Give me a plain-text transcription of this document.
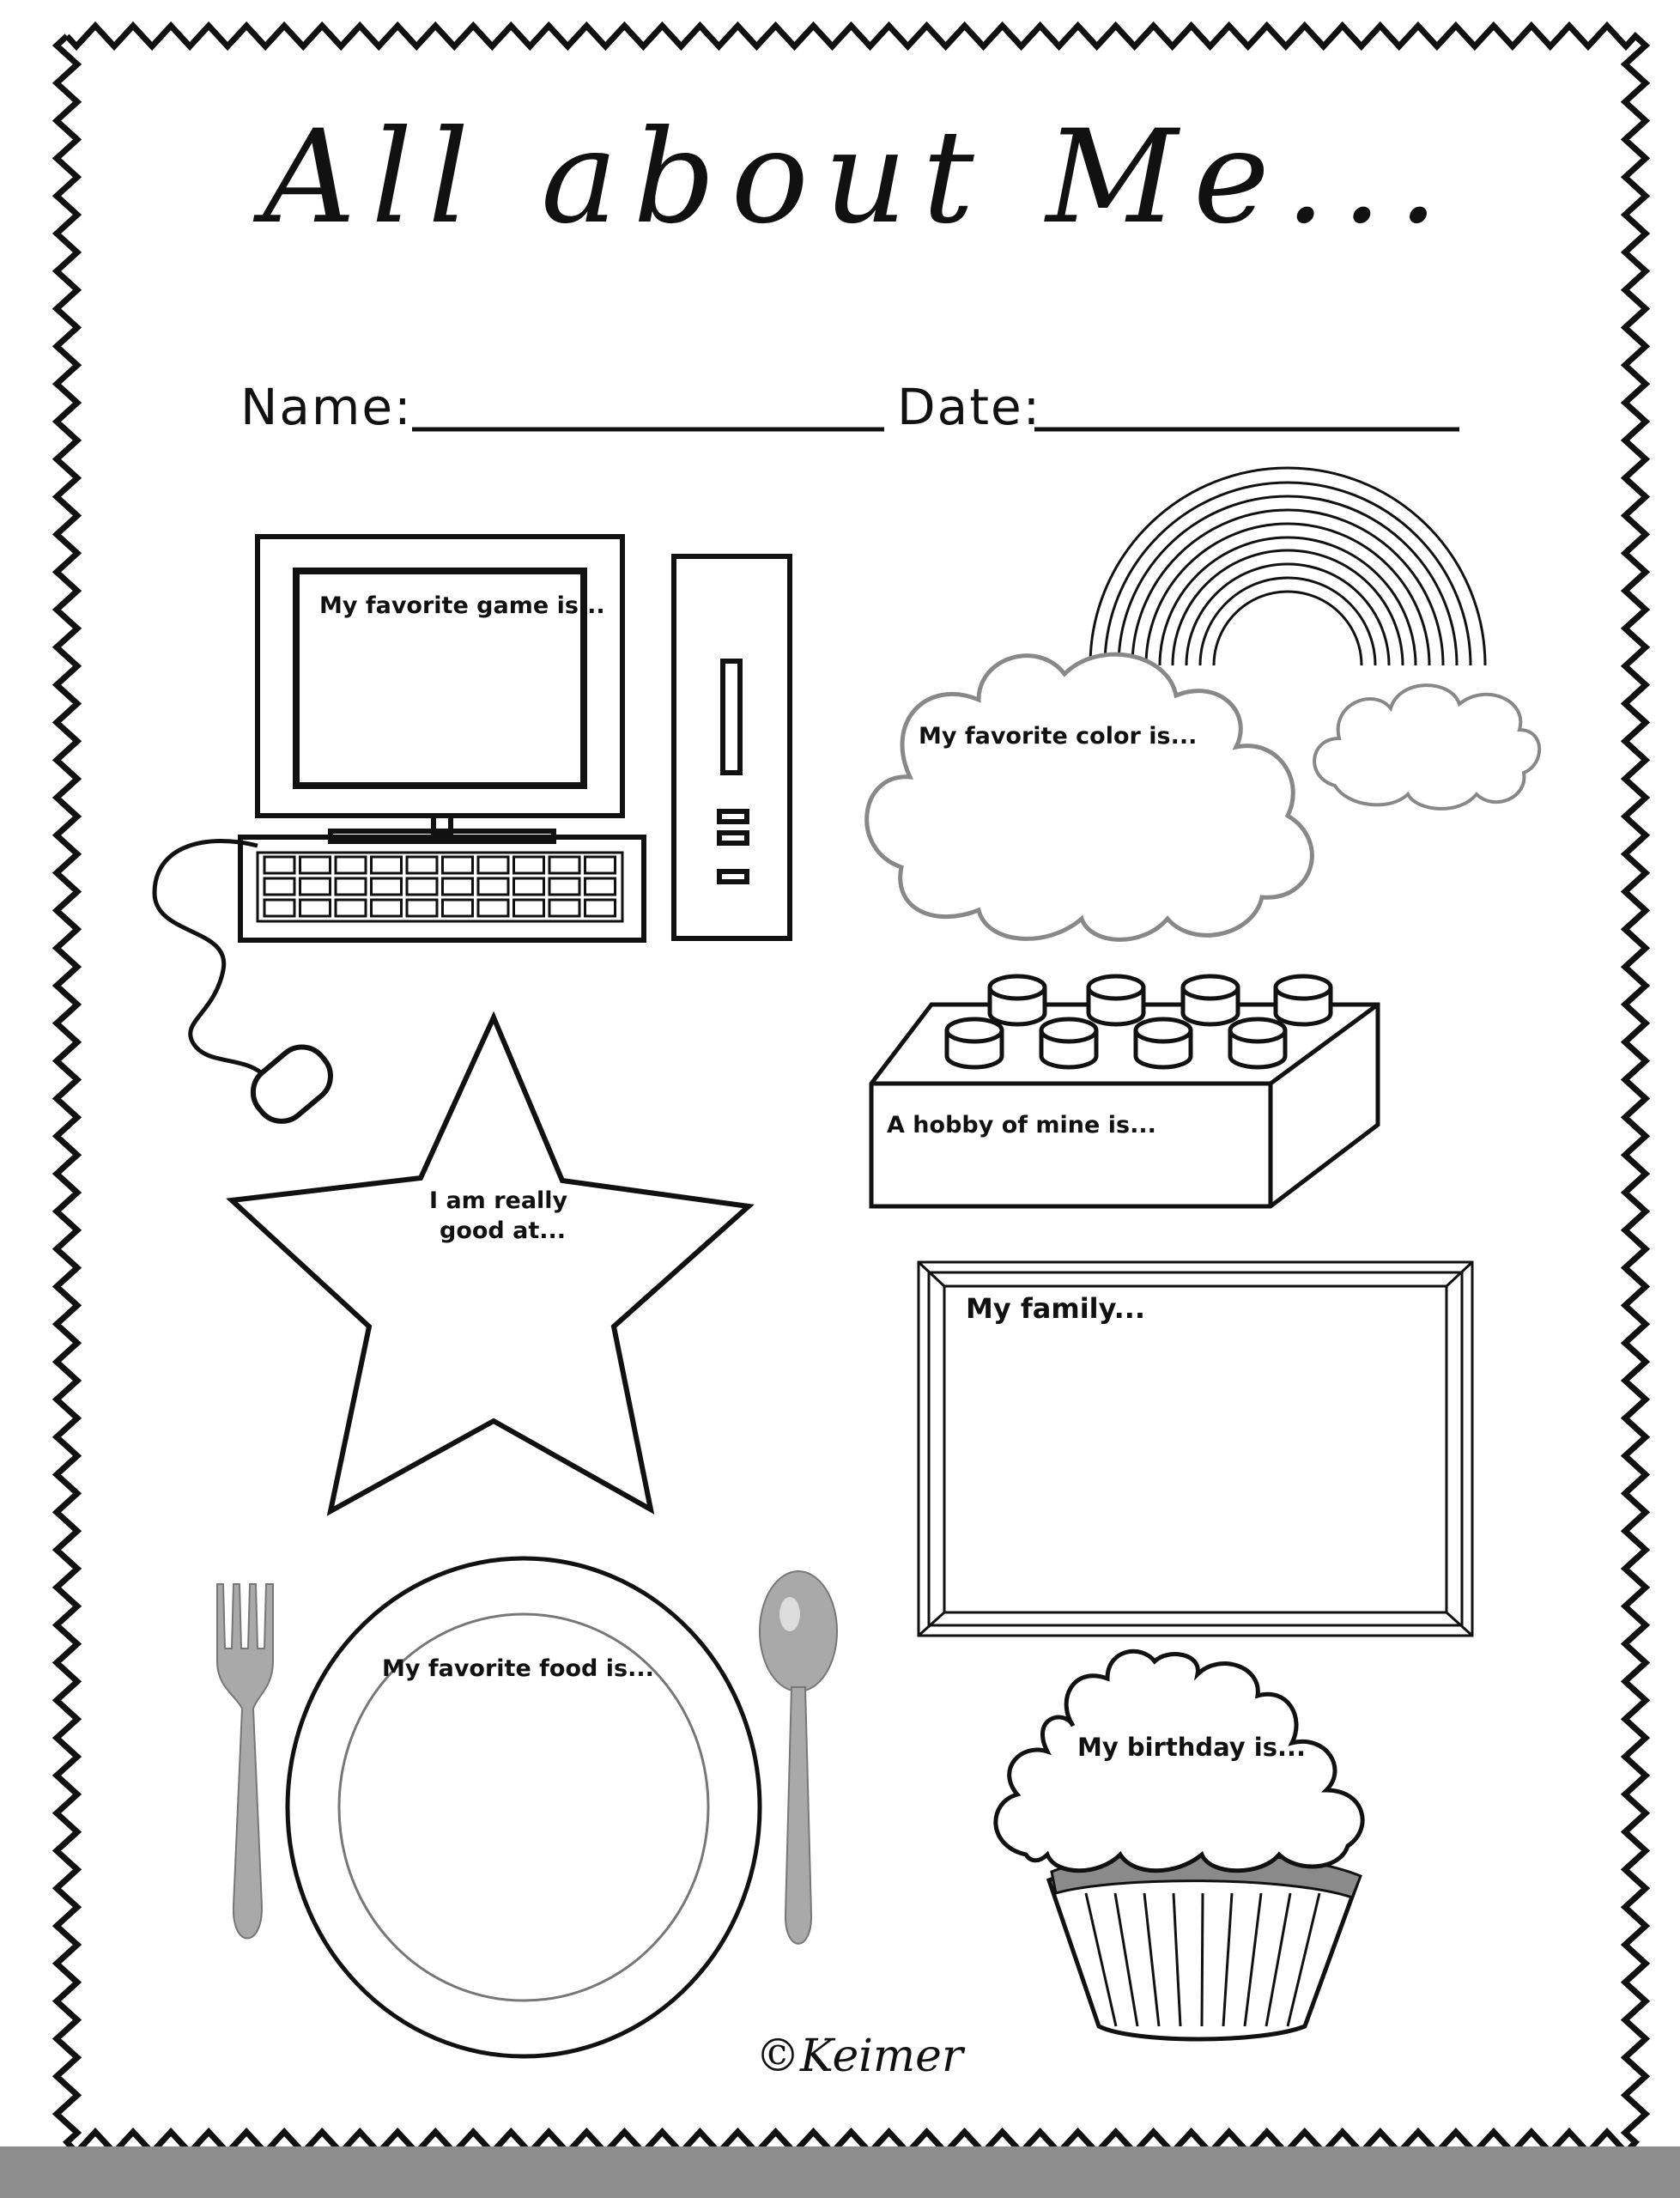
All about Me...
Name:	Date:
My favorite game is...
My favorite color is...
A hobby of mine is...
I am really
good at...
My family...
My favorite food is...
My birthday is...
©Keimer
